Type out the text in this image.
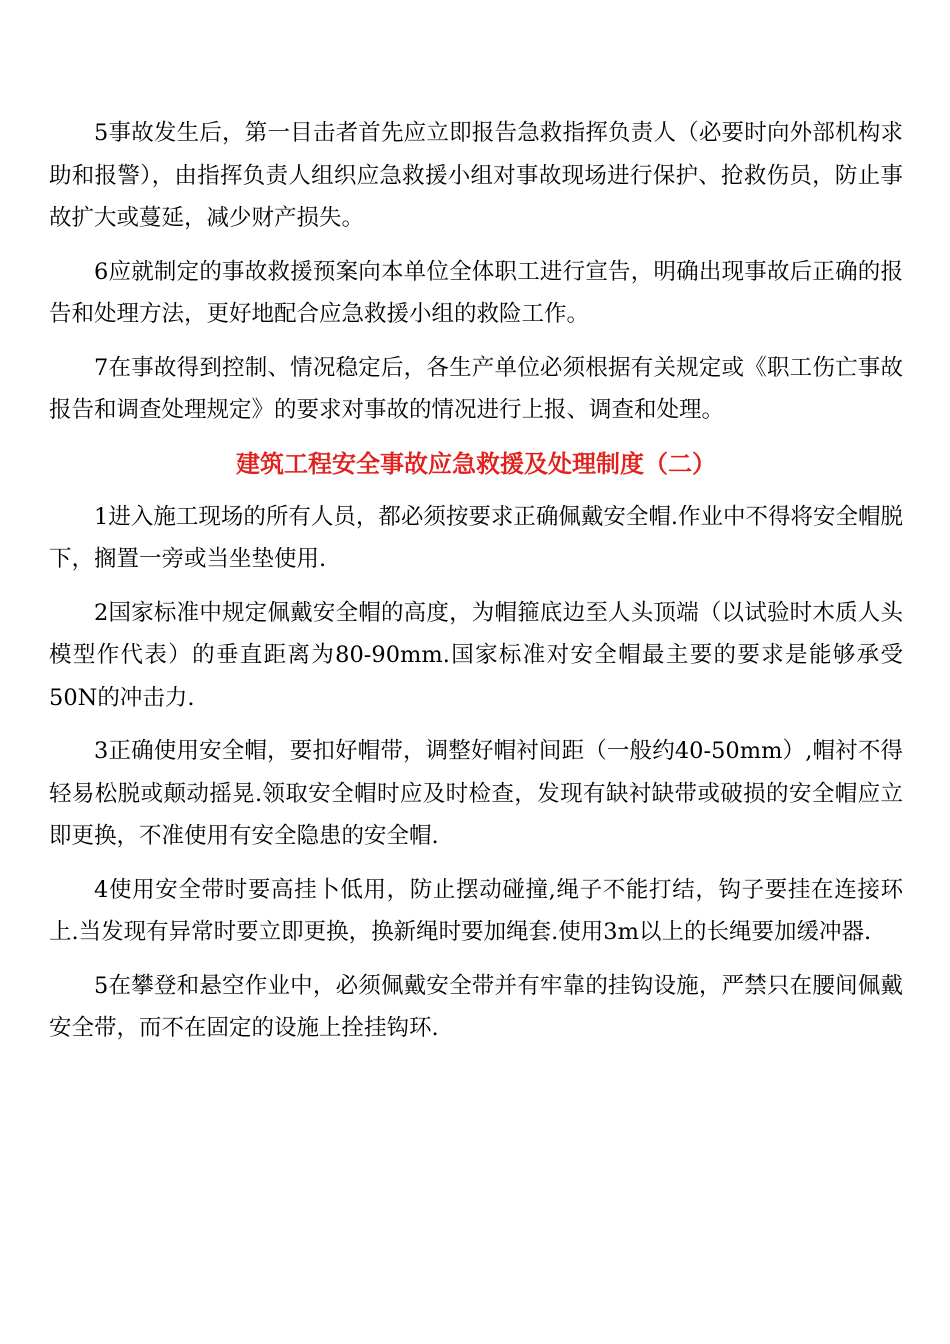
5事故发生后，第一目击者首先应立即报告急救指挥负责人（必要时向外部机构求助和报警），由指挥负责人组织应急救援小组对事故现场进行保护、抢救伤员，防止事故扩大或蔓延，减少财产损失。

6应就制定的事故救援预案向本单位全体职工进行宣告，明确出现事故后正确的报告和处理方法，更好地配合应急救援小组的救险工作。

7在事故得到控制、情况稳定后，各生产单位必须根据有关规定或《职工伤亡事故报告和调查处理规定》的要求对事故的情况进行上报、调查和处理。

建筑工程安全事故应急救援及处理制度（二）

1进入施工现场的所有人员，都必须按要求正确佩戴安全帽.作业中不得将安全帽脱下，搁置一旁或当坐垫使用.

2国家标准中规定佩戴安全帽的高度，为帽箍底边至人头顶端（以试验时木质人头模型作代表）的垂直距离为80-90mm.国家标准对安全帽最主要的要求是能够承受50N的冲击力.

3正确使用安全帽，要扣好帽带，调整好帽衬间距（一般约40-50mm）,帽衬不得轻易松脱或颠动摇晃.领取安全帽时应及时检查，发现有缺衬缺带或破损的安全帽应立即更换，不准使用有安全隐患的安全帽.

4使用安全带时要高挂卜低用，防止摆动碰撞,绳子不能打结，钩子要挂在连接环上.当发现有异常时要立即更换，换新绳时要加绳套.使用3m以上的长绳要加缓冲器.

5在攀登和悬空作业中，必须佩戴安全带并有牢靠的挂钩设施，严禁只在腰间佩戴安全带，而不在固定的设施上拴挂钩环.
